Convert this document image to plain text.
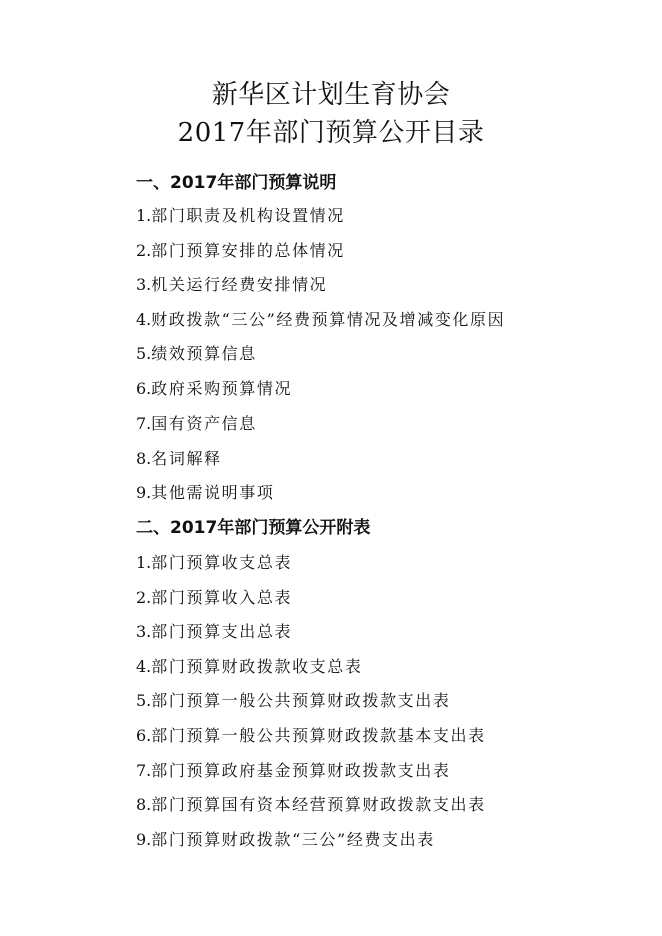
新华区计划生育协会
2017年部门预算公开目录
一、2017年部门预算说明

1.部门职责及机构设置情况

2.部门预算安排的总体情况

3.机关运行经费安排情况

4.财政拨款“三公”经费预算情况及增减变化原因

5.绩效预算信息

6.政府采购预算情况

7.国有资产信息

8.名词解释

9.其他需说明事项

二、2017年部门预算公开附表

1.部门预算收支总表

2.部门预算收入总表

3.部门预算支出总表

4.部门预算财政拨款收支总表

5.部门预算一般公共预算财政拨款支出表

6.部门预算一般公共预算财政拨款基本支出表

7.部门预算政府基金预算财政拨款支出表

8.部门预算国有资本经营预算财政拨款支出表

9.部门预算财政拨款“三公”经费支出表
